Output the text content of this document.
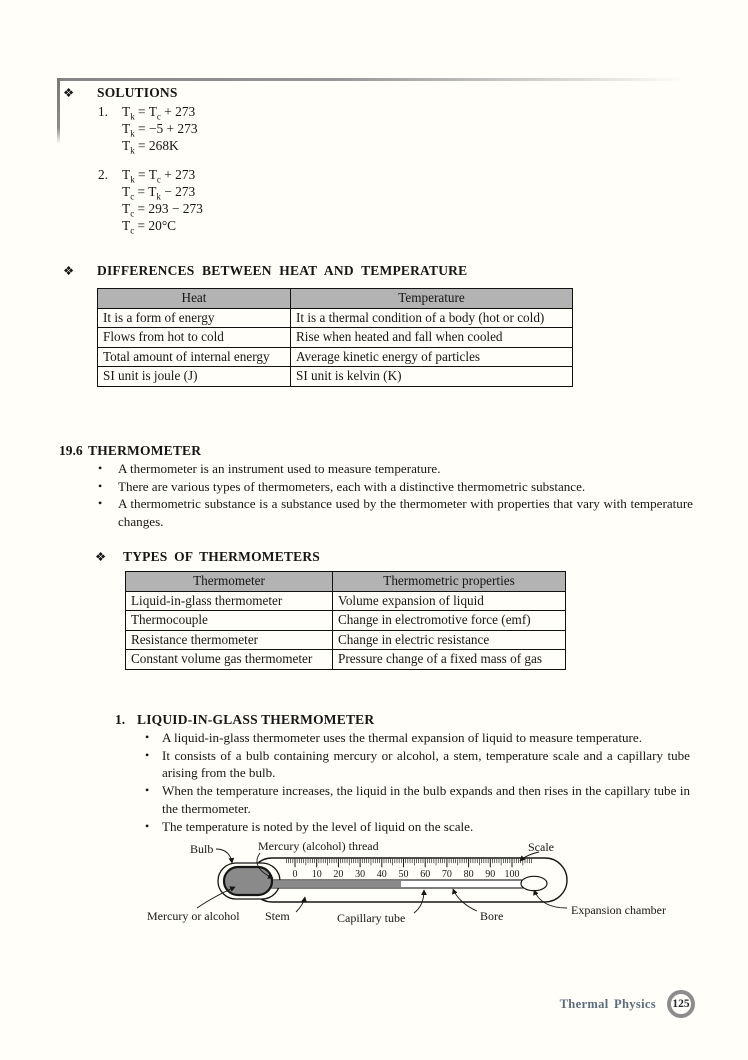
❖	SOLUTIONS
1.	$T_k = T_c + 273$
$T_k = -5 + 273$
$T_k = 268K$
2.	$T_k = T_c + 273$
$T_c = T_k - 273$
$T_c = 293 - 273$
$T_c = 20^\circ C$
❖	DIFFERENCES BETWEEN HEAT AND TEMPERATURE
Heat	Temperature
It is a form of energy	It is a thermal condition of a body (hot or cold)
Flows from hot to cold	Rise when heated and fall when cooled
Total amount of internal energy	Average kinetic energy of particles
SI unit is joule (J)	SI unit is kelvin (K)
19.6 THERMOMETER
•	A thermometer is an instrument used to measure temperature.
•	There are various types of thermometers, each with a distinctive thermometric substance.
•	A thermometric substance is a substance used by the thermometer with properties that vary with temperature changes.
❖	TYPES OF THERMOMETERS
Thermometer	Thermometric properties
Liquid-in-glass thermometer	Volume expansion of liquid
Thermocouple	Change in electromotive force (emf)
Resistance thermometer	Change in electric resistance
Constant volume gas thermometer	Pressure change of a fixed mass of gas
1. LIQUID-IN-GLASS THERMOMETER
• A liquid-in-glass thermometer uses the thermal expansion of liquid to measure temperature.
• It consists of a bulb containing mercury or alcohol, a stem, temperature scale and a capillary tube arising from the bulb.
• When the temperature increases, the liquid in the bulb expands and then rises in the capillary tube in the thermometer.
• The temperature is noted by the level of liquid on the scale.
0 10 20 30 40 50 60 70 80 90 100
Bulb	Mercury (alcohol) thread	Scale
Mercury or alcohol Stem	Capillary tube	Bore	Expansion chamber
Thermal Physics 125
